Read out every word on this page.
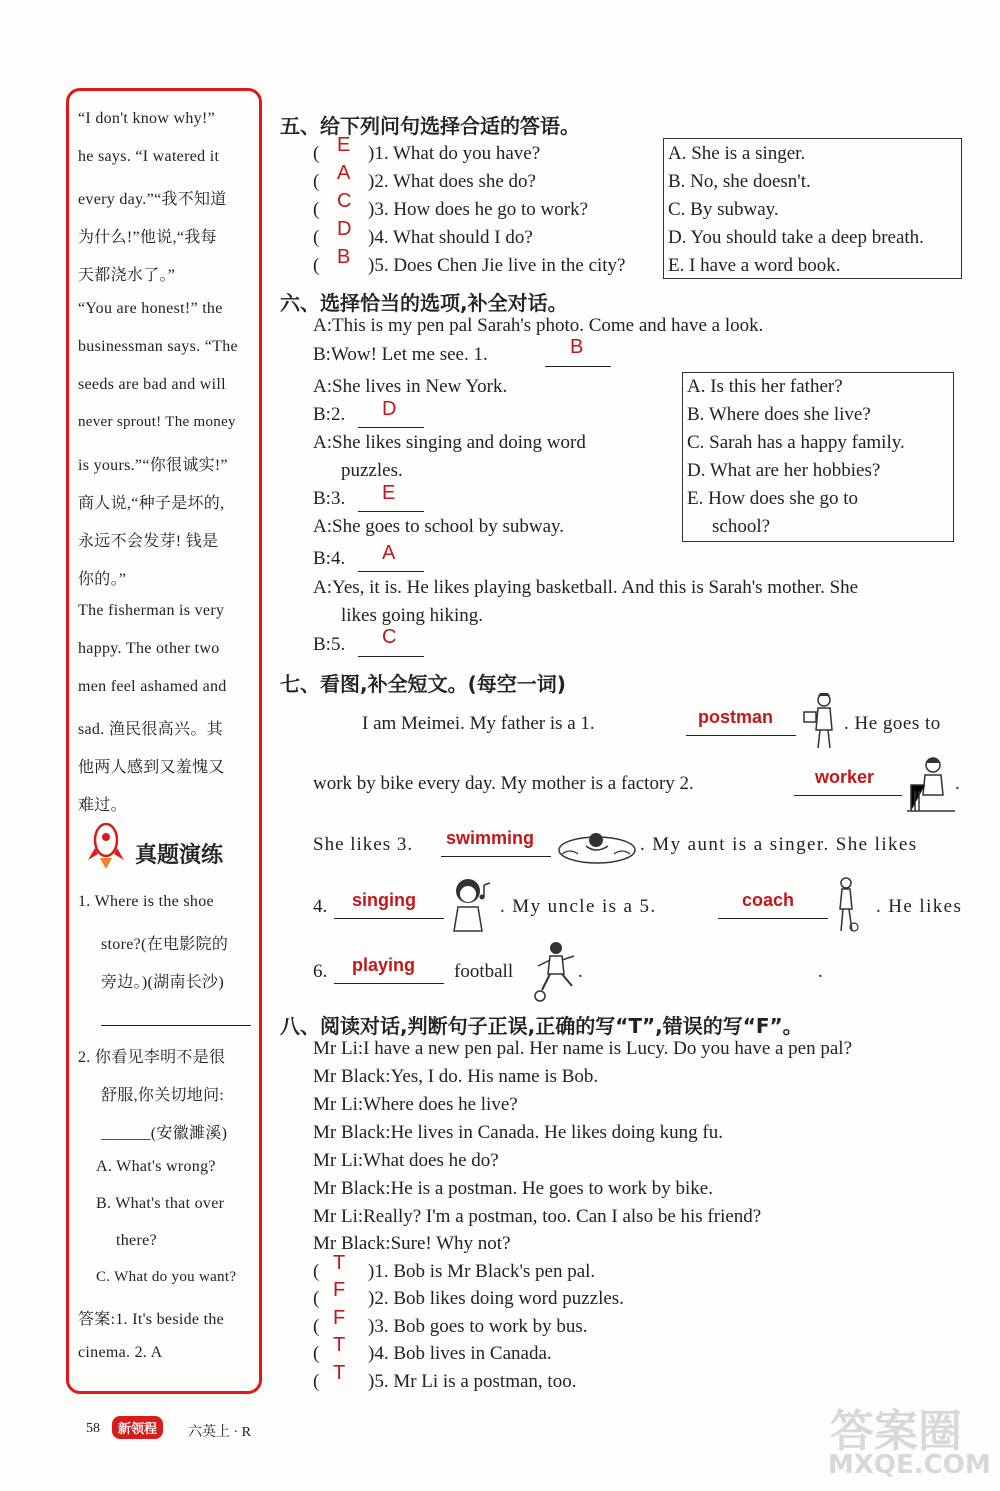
“I don't know why!”
he says. “I watered it
every day.”“我不知道
为什么!”他说,“我每
天都浇水了。”
“You are honest!” the
businessman says. “The
seeds are bad and will
never sprout! The money
is yours.”“你很诚实!”
商人说,“种子是坏的,
永远不会发芽! 钱是
你的。”
The fisherman is very
happy. The other two
men feel ashamed and
sad. 渔民很高兴。其
他两人感到又羞愧又
难过。
真题演练
1. Where is the shoe
store?(在电影院的
旁边。)(湖南长沙)
2. 你看见李明不是很
舒服,你关切地问:
______(安徽濉溪)
A. What's wrong?
B. What's that over
there?
C. What do you want?
答案:1. It's beside the
cinema. 2. A
五、给下列问句选择合适的答语。
( E )1. What do you have?
( A )2. What does she do?
( C )3. How does he go to work?
( D )4. What should I do?
( B )5. Does Chen Jie live in the city?
A. She is a singer.
B. No, she doesn't.
C. By subway.
D. You should take a deep breath.
E. I have a word book.
六、选择恰当的选项,补全对话。
A:This is my pen pal Sarah's photo. Come and have a look.
B:Wow! Let me see. 1.	B
A:She lives in New York.
B:2. D
A:She likes singing and doing word
puzzles.
B:3. E
A:She goes to school by subway.
B:4. A
A:Yes, it is. He likes playing basketball. And this is Sarah's mother. She
likes going hiking.
B:5. C
A. Is this her father?
B. Where does she live?
C. Sarah has a happy family.
D. What are her hobbies?
E. How does she go to
school?
七、看图,补全短文。(每空一词)
I am Meimei. My father is a 1.	postman	. He goes to
work by bike every day. My mother is a factory 2.	worker	.
She likes 3. swimming	. My aunt is a singer. She likes
4. singing	. My uncle is a 5.	coach	. He likes
6. playing football	.	.
八、阅读对话,判断句子正误,正确的写“T”,错误的写“F”。
Mr Li:I have a new pen pal. Her name is Lucy. Do you have a pen pal?
Mr Black:Yes, I do. His name is Bob.
Mr Li:Where does he live?
Mr Black:He lives in Canada. He likes doing kung fu.
Mr Li:What does he do?
Mr Black:He is a postman. He goes to work by bike.
Mr Li:Really? I'm a postman, too. Can I also be his friend?
Mr Black:Sure! Why not?
( T )1. Bob is Mr Black's pen pal.
( F )2. Bob likes doing word puzzles.
( F )3. Bob goes to work by bus.
( T )4. Bob lives in Canada.
( T )5. Mr Li is a postman, too.
58	新领程	六英上 · R	答案圈
MXQE.COM
